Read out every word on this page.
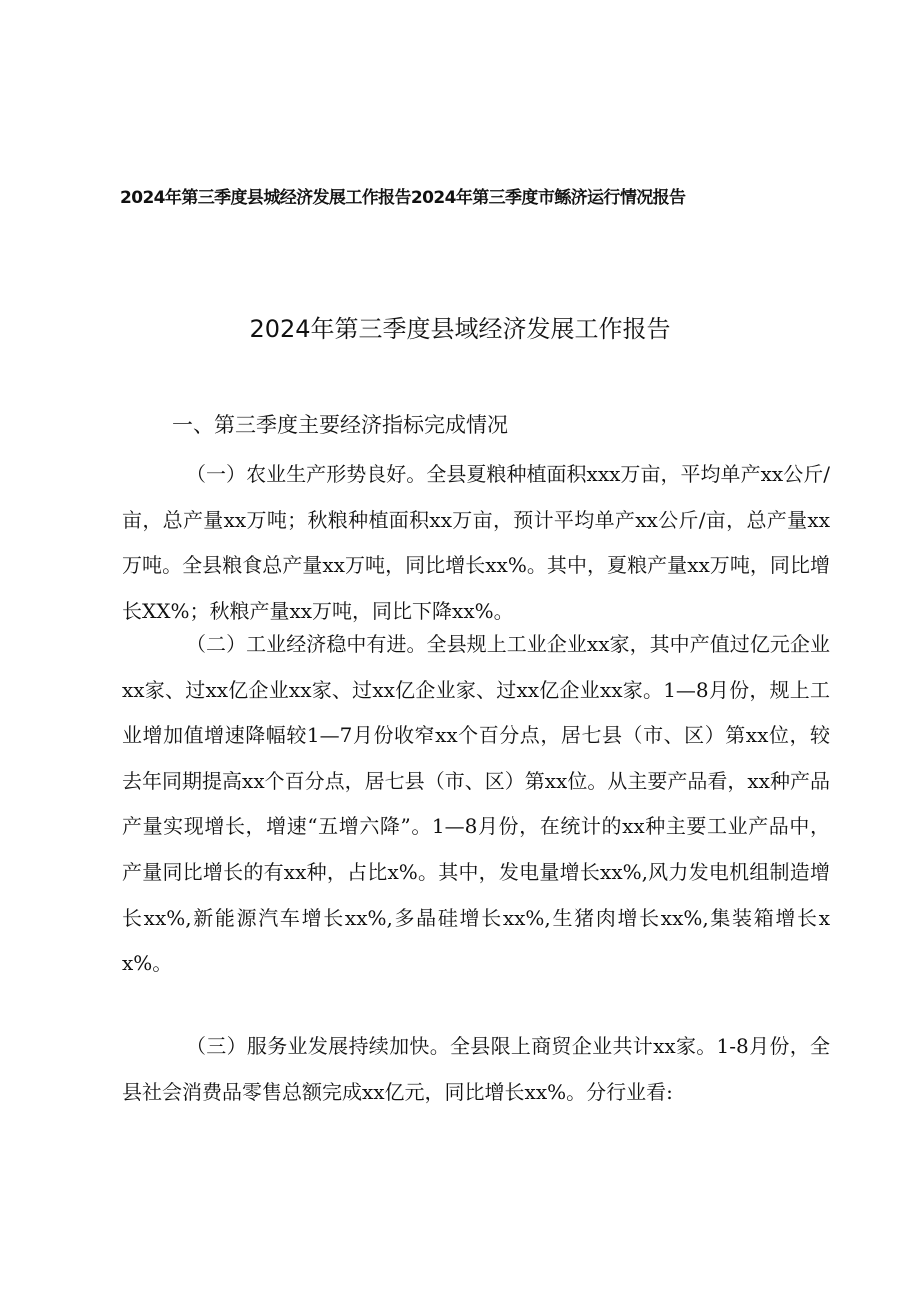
2024年第三季度县城经济发展工作报告2024年第三季度市鲧济运行情况报告

2024年第三季度县域经济发展工作报告
一、第三季度主要经济指标完成情况

（一）农业生产形势良好。全县夏粮种植面积xxx万亩，平均单产xx公斤/亩，总产量xx万吨；秋粮种植面积xx万亩，预计平均单产xx公斤/亩，总产量xx万吨。全县粮食总产量xx万吨，同比增长xx%。其中，夏粮产量xx万吨，同比增长XX%；秋粮产量xx万吨，同比下降xx%。

（二）工业经济稳中有进。全县规上工业企业xx家，其中产值过亿元企业xx家、过xx亿企业xx家、过xx亿企业家、过xx亿企业xx家。1—8月份，规上工业增加值增速降幅较1—7月份收窄xx个百分点，居七县（市、区）第xx位，较去年同期提高xx个百分点，居七县（市、区）第xx位。从主要产品看，xx种产品产量实现增长，增速“五增六降”。1—8月份，在统计的xx种主要工业产品中，产量同比增长的有xx种，占比x%。其中，发电量增长xx%,风力发电机组制造增长xx%,新能源汽车增长xx%,多晶硅增长xx%,生猪肉增长xx%,集装箱增长xx%。

（三）服务业发展持续加快。全县限上商贸企业共计xx家。1-8月份，全县社会消费品零售总额完成xx亿元，同比增长xx%。分行业看:
